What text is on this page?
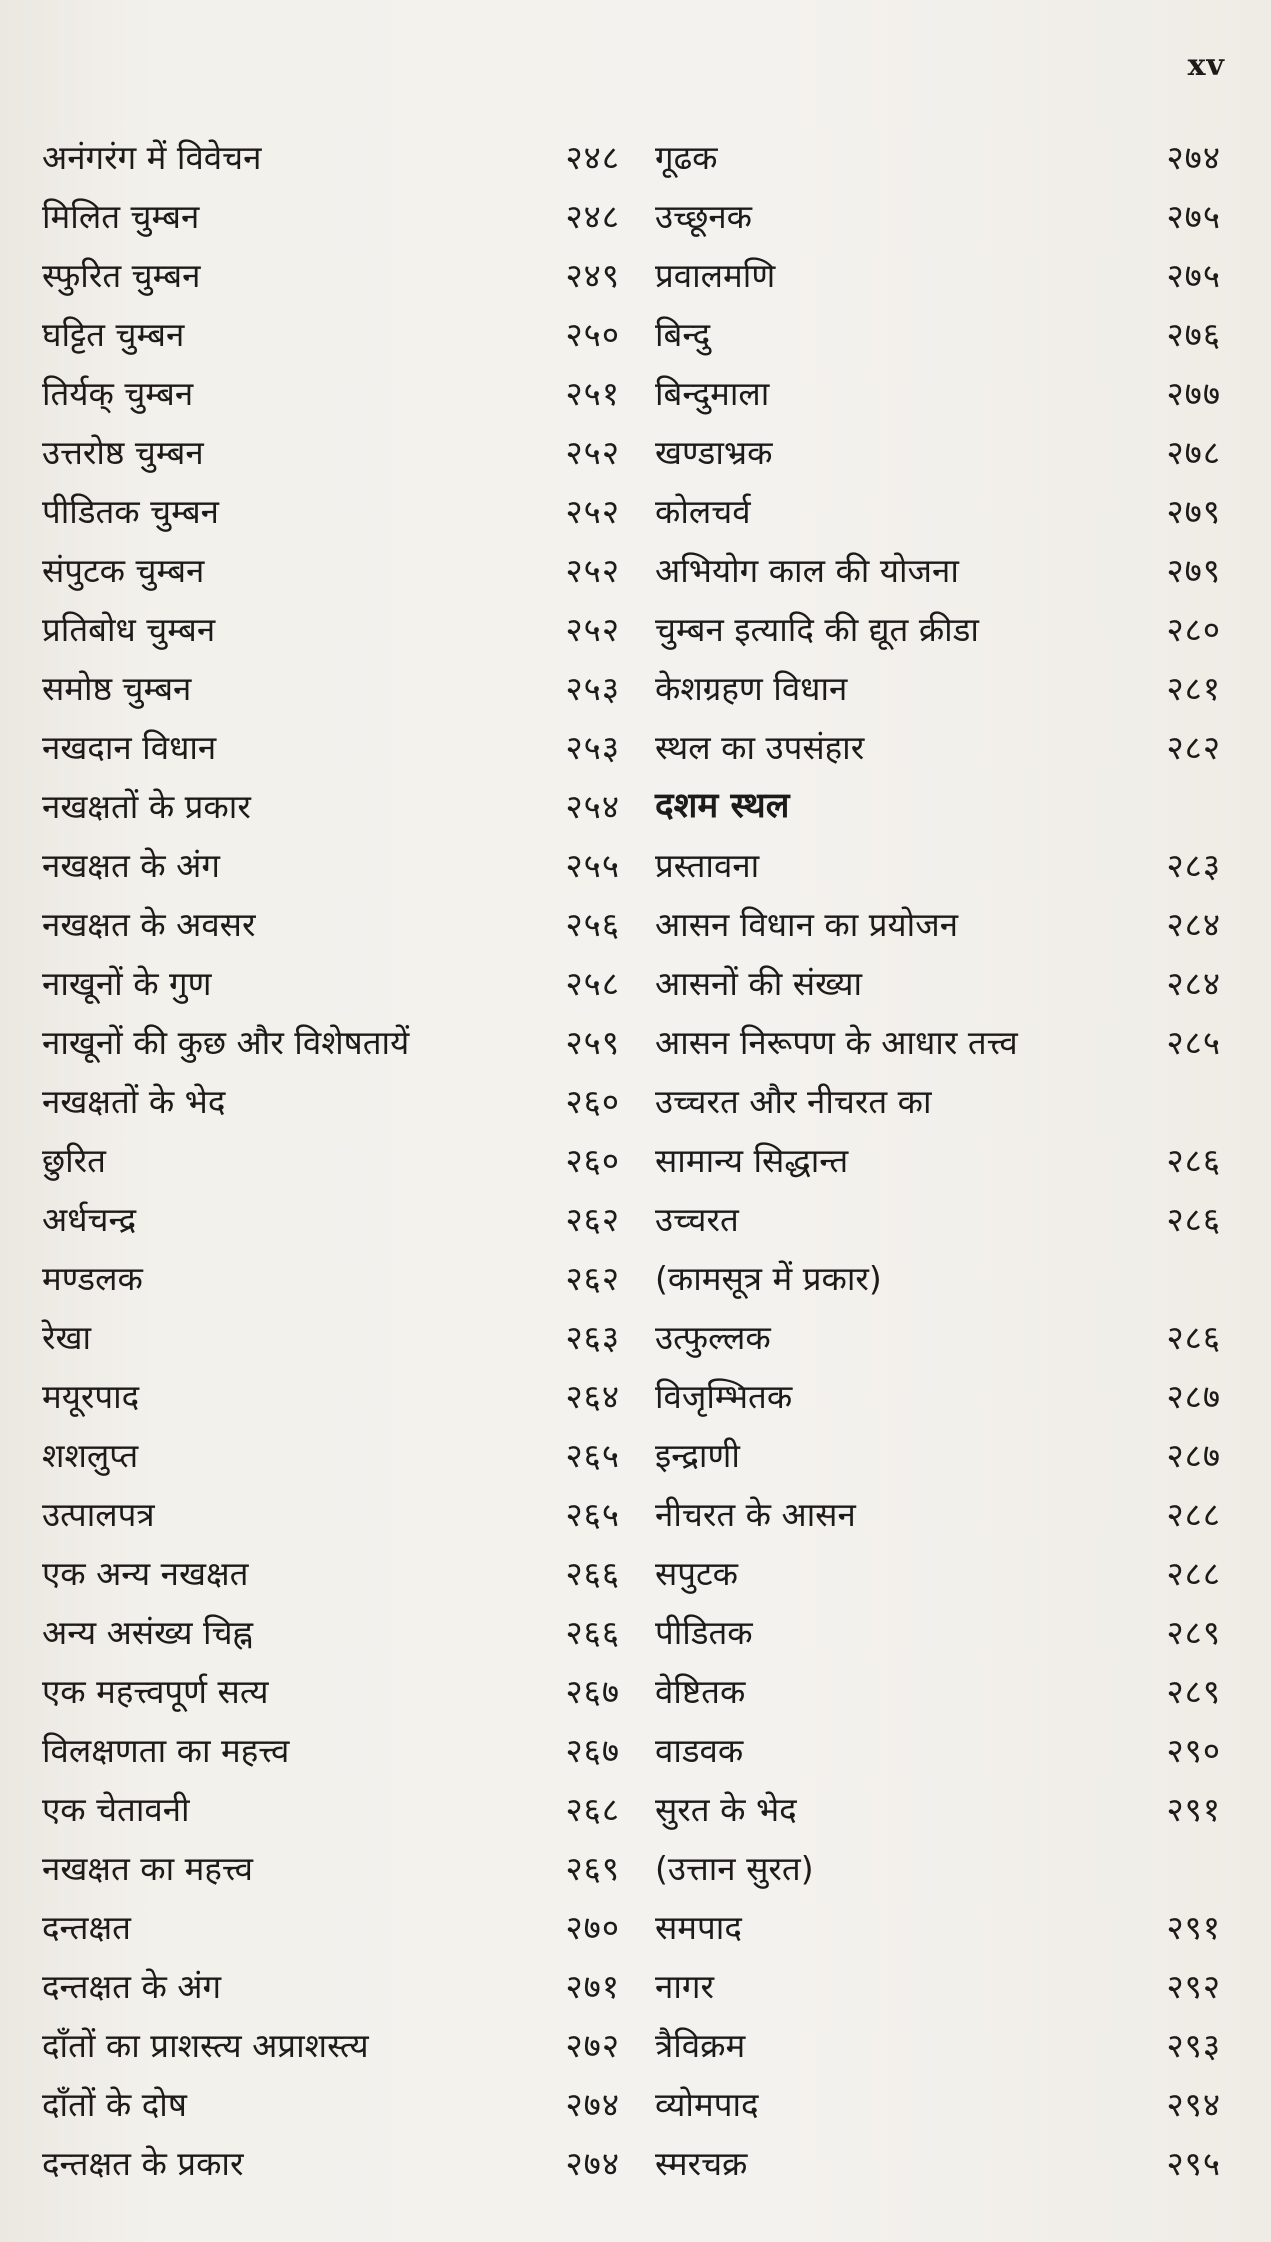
xv
अनंगरंग में विवेचन	२४८
मिलित चुम्बन	२४८
स्फुरित चुम्बन	२४९
घट्टित चुम्बन	२५०
तिर्यक् चुम्बन	२५१
उत्तरोष्ठ चुम्बन	२५२
पीडितक चुम्बन	२५२
संपुटक चुम्बन	२५२
प्रतिबोध चुम्बन	२५२
समोष्ठ चुम्बन	२५३
नखदान विधान	२५३
नखक्षतों के प्रकार	२५४
नखक्षत के अंग	२५५
नखक्षत के अवसर	२५६
नाखूनों के गुण	२५८
नाखूनों की कुछ और विशेषतायें	२५९
नखक्षतों के भेद	२६०
छुरित	२६०
अर्धचन्द्र	२६२
मण्डलक	२६२
रेखा	२६३
मयूरपाद	२६४
शशलुप्त	२६५
उत्पालपत्र	२६५
एक अन्य नखक्षत	२६६
अन्य असंख्य चिह्न	२६६
एक महत्त्वपूर्ण सत्य	२६७
विलक्षणता का महत्त्व	२६७
एक चेतावनी	२६८
नखक्षत का महत्त्व	२६९
दन्तक्षत	२७०
दन्तक्षत के अंग	२७१
दाँतों का प्राशस्त्य अप्राशस्त्य	२७२
दाँतों के दोष	२७४
दन्तक्षत के प्रकार	२७४
गूढक	२७४
उच्छूनक	२७५
प्रवालमणि	२७५
बिन्दु	२७६
बिन्दुमाला	२७७
खण्डाभ्रक	२७८
कोलचर्व	२७९
अभियोग काल की योजना	२७९
चुम्बन इत्यादि की द्यूत क्रीडा	२८०
केशग्रहण विधान	२८१
स्थल का उपसंहार	२८२
दशम स्थल
प्रस्तावना	२८३
आसन विधान का प्रयोजन	२८४
आसनों की संख्या	२८४
आसन निरूपण के आधार तत्त्व	२८५
उच्चरत और नीचरत का
सामान्य सिद्धान्त	२८६
उच्चरत	२८६
(कामसूत्र में प्रकार)
उत्फुल्लक	२८६
विजृम्भितक	२८७
इन्द्राणी	२८७
नीचरत के आसन	२८८
सपुटक	२८८
पीडितक	२८९
वेष्टितक	२८९
वाडवक	२९०
सुरत के भेद	२९१
(उत्तान सुरत)
समपाद	२९१
नागर	२९२
त्रैविक्रम	२९३
व्योमपाद	२९४
स्मरचक्र	२९५
